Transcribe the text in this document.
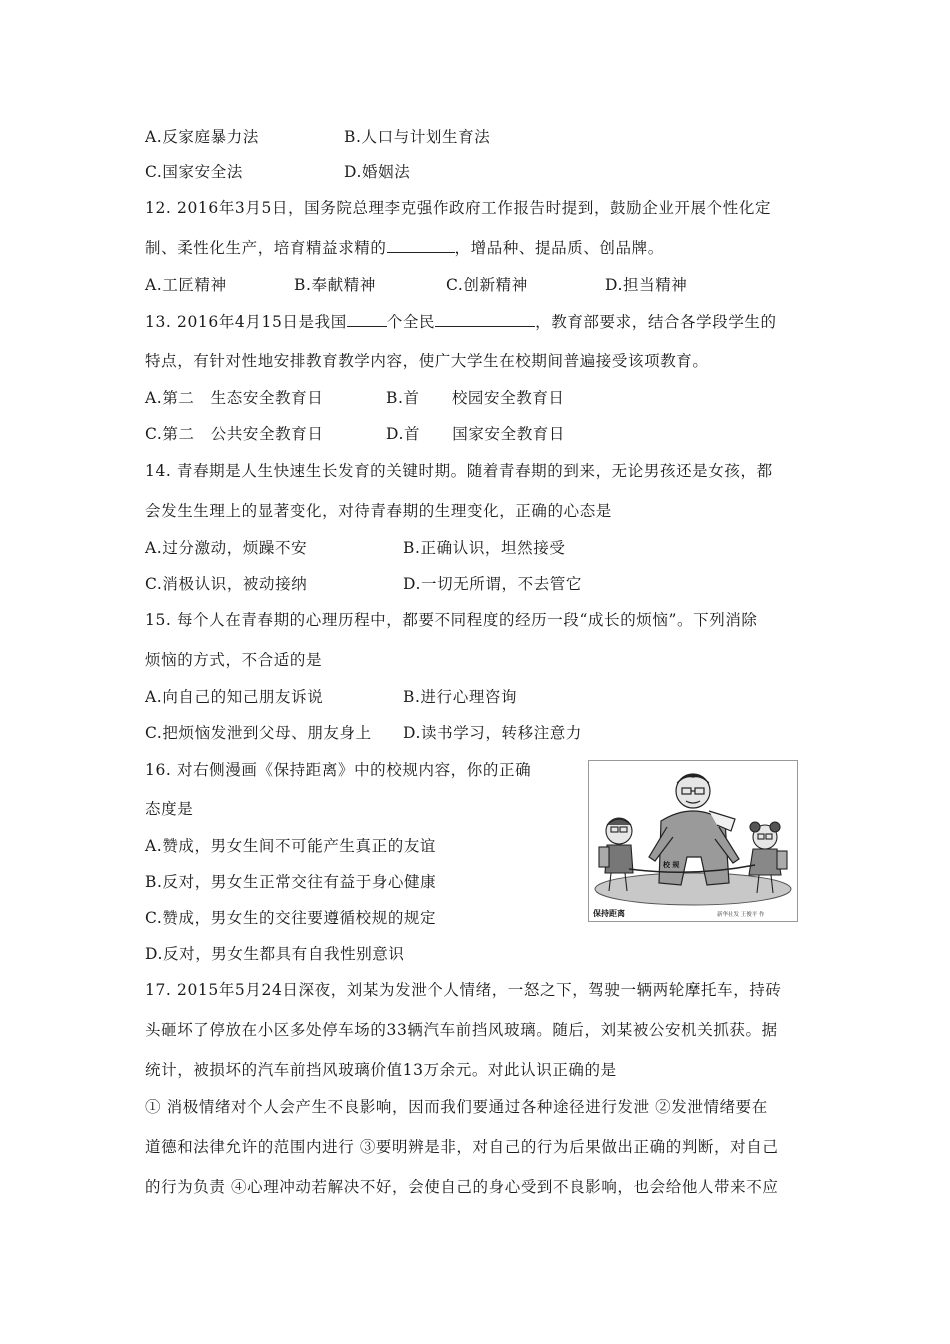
A.反家庭暴力法	B.人口与计划生育法
C.国家安全法	D.婚姻法
12. 2016年3月5日，国务院总理李克强作政府工作报告时提到，鼓励企业开展个性化定
制、柔性化生产，培育精益求精的	，增品种、提品质、创品牌。
A.工匠精神	B.奉献精神	C.创新精神	D.担当精神
13. 2016年4月15日是我国	个全民	，教育部要求，结合各学段学生的
特点，有针对性地安排教育教学内容，使广大学生在校期间普遍接受该项教育。
A.第二　生态安全教育日	B.首　　校园安全教育日
C.第二　公共安全教育日	D.首　　国家安全教育日
14. 青春期是人生快速生长发育的关键时期。随着青春期的到来，无论男孩还是女孩，都
会发生生理上的显著变化，对待青春期的生理变化，正确的心态是
A.过分激动，烦躁不安	B.正确认识，坦然接受
C.消极认识，被动接纳	D.一切无所谓，不去管它
15. 每个人在青春期的心理历程中，都要不同程度的经历一段“成长的烦恼”。下列消除
烦恼的方式，不合适的是
A.向自己的知己朋友诉说	B.进行心理咨询
C.把烦恼发泄到父母、朋友身上 D.读书学习，转移注意力
16. 对右侧漫画《保持距离》中的校规内容，你的正确
态度是
A.赞成，男女生间不可能产生真正的友谊
B.反对，男女生正常交往有益于身心健康
C.赞成，男女生的交往要遵循校规的规定
D.反对，男女生都具有自我性别意识
校 规
保持距离	新华社发 王俊平 作
17. 2015年5月24日深夜，刘某为发泄个人情绪，一怒之下，驾驶一辆两轮摩托车，持砖
头砸坏了停放在小区多处停车场的33辆汽车前挡风玻璃。随后，刘某被公安机关抓获。据
统计，被损坏的汽车前挡风玻璃价值13万余元。对此认识正确的是
① 消极情绪对个人会产生不良影响，因而我们要通过各种途径进行发泄 ②发泄情绪要在
道德和法律允许的范围内进行 ③要明辨是非，对自己的行为后果做出正确的判断，对自己
的行为负责 ④心理冲动若解决不好，会使自己的身心受到不良影响，也会给他人带来不应
